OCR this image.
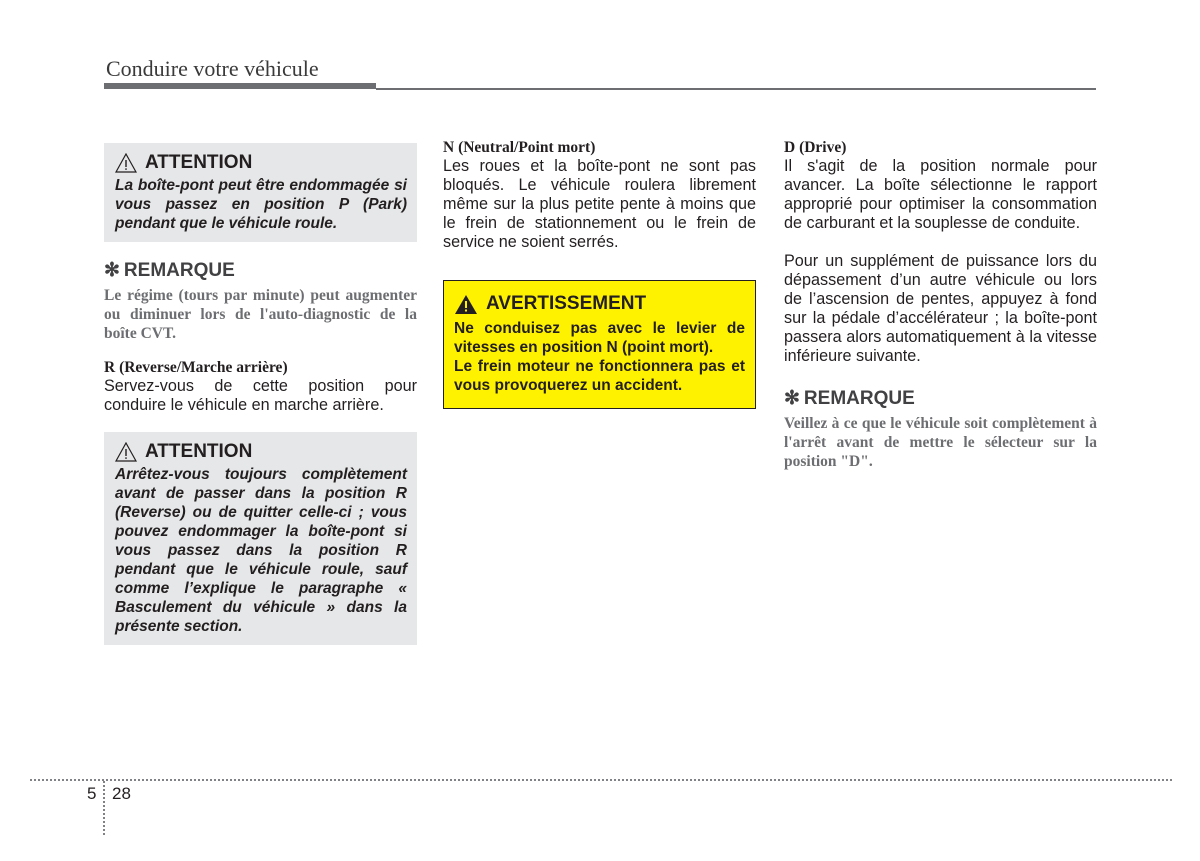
Conduire votre véhicule
ATTENTION

La boîte-pont peut être endommagée si vous passez en position P (Park) pendant que le véhicule roule.

✻ REMARQUE

Le régime (tours par minute) peut augmenter ou diminuer lors de l'auto-diagnostic de la boîte CVT.

R (Reverse/Marche arrière)

Servez-vous de cette position pour conduire le véhicule en marche arrière.

ATTENTION

Arrêtez-vous toujours complètement avant de passer dans la position R (Reverse) ou de quitter celle-ci ; vous pouvez endommager la boîte-pont si vous passez dans la position R pendant que le véhicule roule, sauf comme l’explique le paragraphe « Basculement du véhicule » dans la présente section.

N (Neutral/Point mort)

Les roues et la boîte-pont ne sont pas bloqués. Le véhicule roulera librement même sur la plus petite pente à moins que le frein de stationnement ou le frein de service ne soient serrés.

AVERTISSEMENT

Ne conduisez pas avec le levier de vitesses en position N (point mort).

Le frein moteur ne fonctionnera pas et vous provoquerez un accident.

D (Drive)

Il s'agit de la position normale pour avancer. La boîte sélectionne le rapport approprié pour optimiser la consommation de carburant et la souplesse de conduite.

Pour un supplément de puissance lors du dépassement d’un autre véhicule ou lors de l’ascension de pentes, appuyez à fond sur la pédale d’accélérateur ; la boîte-pont passera alors automatiquement à la vitesse inférieure suivante.

✻ REMARQUE

Veillez à ce que le véhicule soit complètement à l'arrêt avant de mettre le sélecteur sur la position "D".

5 28
